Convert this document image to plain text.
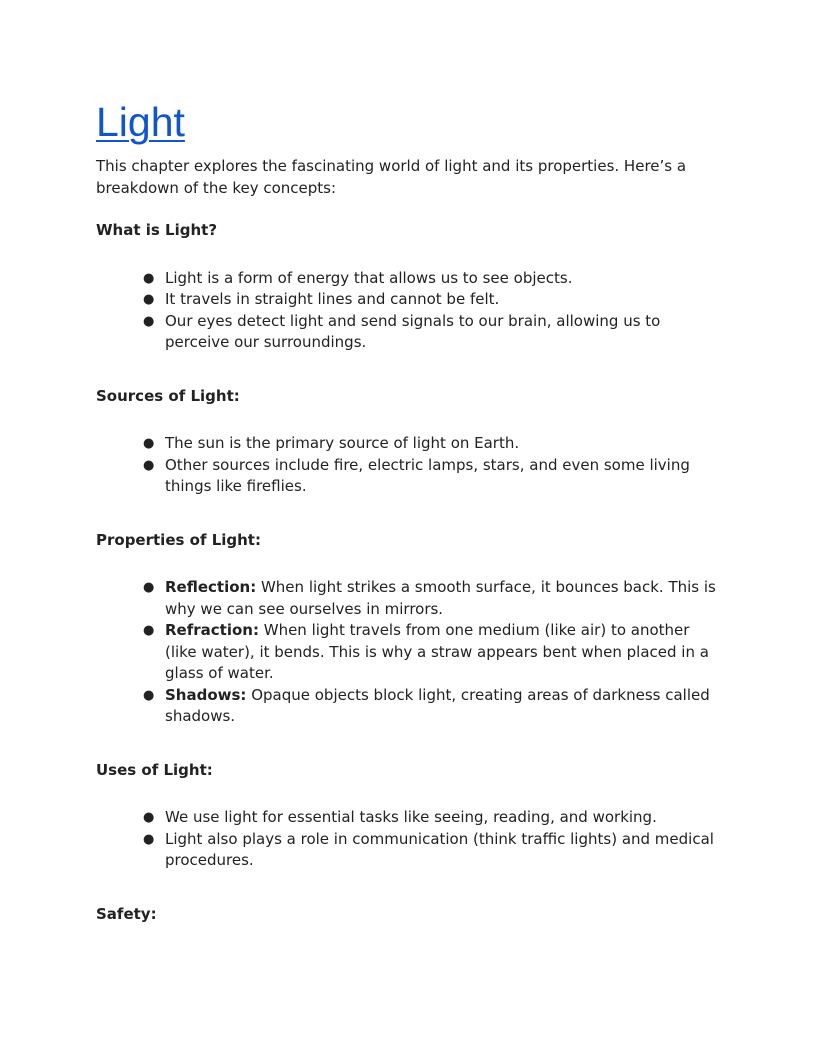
Light

This chapter explores the fascinating world of light and its properties. Here’s a breakdown of the key concepts:

What is Light?

● Light is a form of energy that allows us to see objects.
● It travels in straight lines and cannot be felt.
● Our eyes detect light and send signals to our brain, allowing us to perceive our surroundings.

Sources of Light:

● The sun is the primary source of light on Earth.
● Other sources include fire, electric lamps, stars, and even some living things like fireflies.

Properties of Light:

● Reflection: When light strikes a smooth surface, it bounces back. This is why we can see ourselves in mirrors.
● Refraction: When light travels from one medium (like air) to another (like water), it bends. This is why a straw appears bent when placed in a glass of water.
● Shadows: Opaque objects block light, creating areas of darkness called shadows.

Uses of Light:

● We use light for essential tasks like seeing, reading, and working.
● Light also plays a role in communication (think traffic lights) and medical procedures.

Safety:
